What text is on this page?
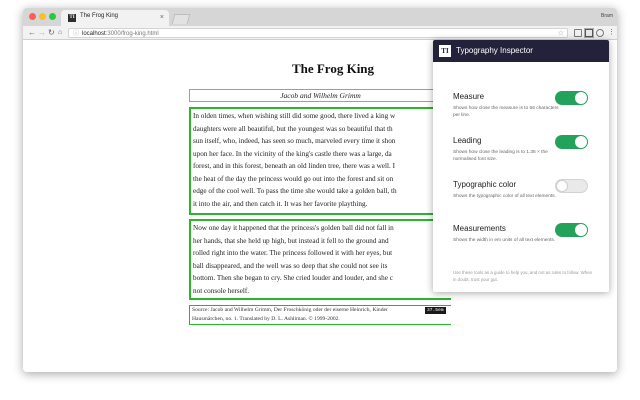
TI The Frog King	×	Bram
← → ↻ ⌂ ⓘ localhost:3000/frog-king.html	☆	⋮
The Frog King
Jacob and Wilhelm Grimm

In olden times, when wishing still did some good, there lived a king w

daughters were all beautiful, but the youngest was so beautiful that th

sun itself, who, indeed, has seen so much, marveled every time it shon

upon her face. In the vicinity of the king's castle there was a large, da

forest, and in this forest, beneath an old linden tree, there was a well. I

the heat of the day the princess would go out into the forest and sit on

edge of the cool well. To pass the time she would take a golden ball, th

it into the air, and then catch it. It was her favorite plaything.

Now one day it happened that the princess's golden ball did not fall in

her hands, that she held up high, but instead it fell to the ground and

rolled right into the water. The princess followed it with her eyes, but

ball disappeared, and the well was so deep that she could not see its

bottom. Then she began to cry. She cried louder and louder, and she c

not console herself.

Source: Jacob and Wilhelm Grimm, Der Froschkönig oder der eiserne Heinrich, Kinder

Hausmärchen, no. 1. Translated by D. L. Ashliman. © 1999-2002.

37.5em
TI Typography Inspector
Measure

Shows how close the measure is to 66 characters per line.

Leading

Shows how close the leading is to 1.35 × the normalised font size.

Typographic color

Shows the typographic color of all text elements.

Measurements

Shows the width in em units of all text elements.

Use these tools as a guide to help you, and not as rules to follow. When in doubt, trust your gut.
